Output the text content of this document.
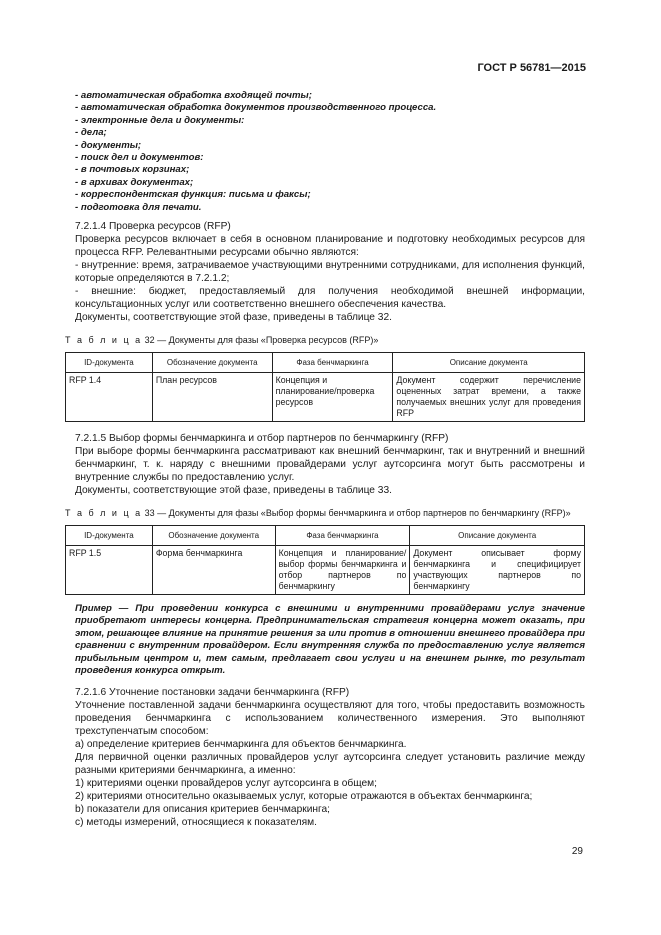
ГОСТ Р 56781—2015

- автоматическая обработка входящей почты;

- автоматическая обработка документов производственного процесса.

- электронные дела и документы:

- дела;

- документы;

- поиск дел и документов:

- в почтовых корзинах;

- в архивах документах;

- корреспондентская функция: письма и факсы;

- подготовка для печати.

7.2.1.4 Проверка ресурсов (RFP)

Проверка ресурсов включает в себя в основном планирование и подготовку необходимых ресурсов для процесса RFP. Релевантными ресурсами обычно являются:

- внутренние: время, затрачиваемое участвующими внутренними сотрудниками, для исполнения функций, которые определяются в 7.2.1.2;

- внешние: бюджет, предоставляемый для получения необходимой внешней информации, консультационных услуг или соответственно внешнего обеспечения качества.

Документы, соответствующие этой фазе, приведены в таблице 32.

Т а б л и ц а 32 — Документы для фазы «Проверка ресурсов (RFP)»
ID-документа	Обозначение документа	Фаза бенчмаркинга	Описание документа
RFP 1.4	План ресурсов	Концепция и планирование/проверка ресурсов	Документ содержит перечисление оцененных затрат времени, а также получаемых внешних услуг для проведения RFP

7.2.1.5 Выбор формы бенчмаркинга и отбор партнеров по бенчмаркингу (RFP)

При выборе формы бенчмаркинга рассматривают как внешний бенчмаркинг, так и внутренний и внешний бенчмаркинг, т. к. наряду с внешними провайдерами услуг аутсорсинга могут быть рассмотрены и внутренние службы по предоставлению услуг.

Документы, соответствующие этой фазе, приведены в таблице 33.

Т а б л и ц а 33 — Документы для фазы «Выбор формы бенчмаркинга и отбор партнеров по бенчмаркингу (RFP)»
ID-документа	Обозначение документа	Фаза бенчмаркинга	Описание документа
RFP 1.5	Форма бенчмаркинга	Концепция и планирование/выбор формы бенчмаркинга и отбор партнеров по бенчмаркингу	Документ описывает форму бенчмаркинга и специфицирует участвующих партнеров по бенчмаркингу

Пример — При проведении конкурса с внешними и внутренними провайдерами услуг значение приобретают интересы концерна. Предпринимательская стратегия концерна может оказать, при этом, решающее влияние на принятие решения за или против в отношении внешнего провайдера при сравнении с внутренним провайдером. Если внутренняя служба по предоставлению услуг является прибыльным центром и, тем самым, предлагает свои услуги и на внешнем рынке, то результат проведения конкурса открыт.

7.2.1.6 Уточнение постановки задачи бенчмаркинга (RFP)

Уточнение поставленной задачи бенчмаркинга осуществляют для того, чтобы предоставить возможность проведения бенчмаркинга с использованием количественного измерения. Это выполняют трехступенчатым способом:

а) определение критериев бенчмаркинга для объектов бенчмаркинга.

Для первичной оценки различных провайдеров услуг аутсорсинга следует установить различие между разными критериями бенчмаркинга, а именно:

1) критериями оценки провайдеров услуг аутсорсинга в общем;

2) критериями относительно оказываемых услуг, которые отражаются в объектах бенчмаркинга;

b) показатели для описания критериев бенчмаркинга;

c) методы измерений, относящиеся к показателям.

29
